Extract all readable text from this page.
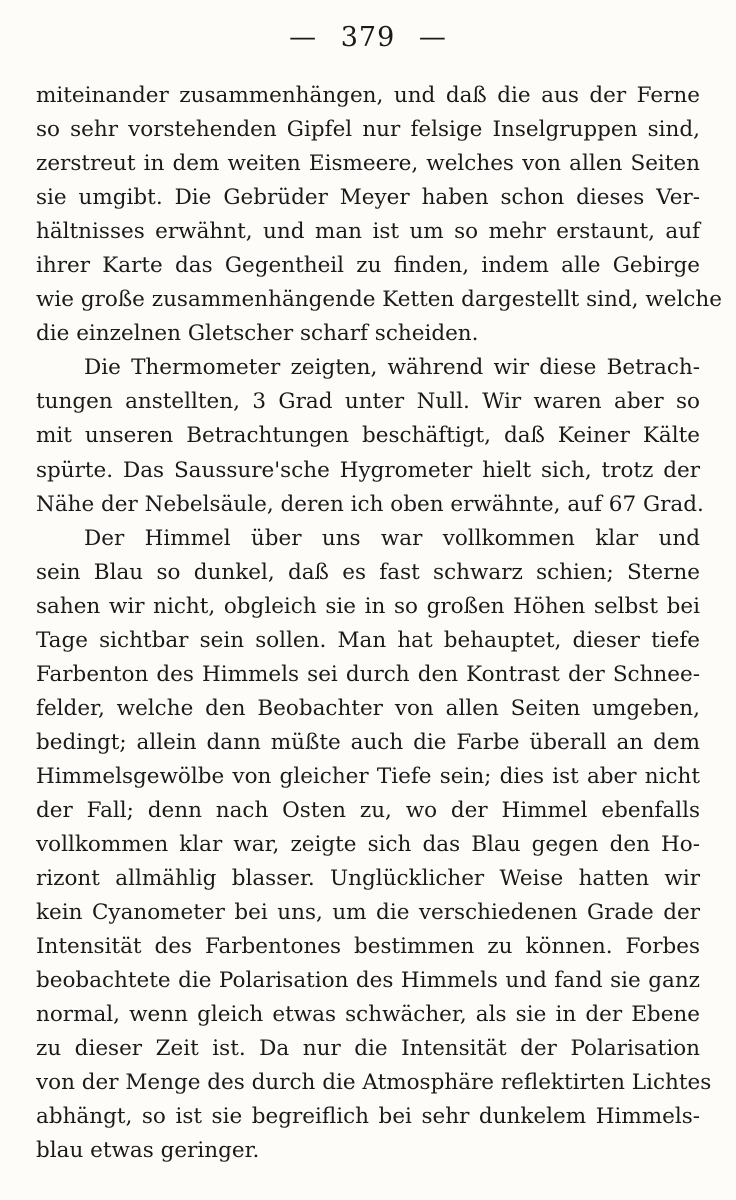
— 379 —
miteinander zusammenhängen, und daß die aus der Ferne
so sehr vorstehenden Gipfel nur felsige Inselgruppen sind,
zerstreut in dem weiten Eismeere, welches von allen Seiten
sie umgibt. Die Gebrüder Meyer haben schon dieses Ver-
hältnisses erwähnt, und man ist um so mehr erstaunt, auf
ihrer Karte das Gegentheil zu finden, indem alle Gebirge
wie große zusammenhängende Ketten dargestellt sind, welche
die einzelnen Gletscher scharf scheiden.
Die Thermometer zeigten, während wir diese Betrach-
tungen anstellten, 3 Grad unter Null. Wir waren aber so
mit unseren Betrachtungen beschäftigt, daß Keiner Kälte
spürte. Das Saussure'sche Hygrometer hielt sich, trotz der
Nähe der Nebelsäule, deren ich oben erwähnte, auf 67 Grad.
Der Himmel über uns war vollkommen klar und
sein Blau so dunkel, daß es fast schwarz schien; Sterne
sahen wir nicht, obgleich sie in so großen Höhen selbst bei
Tage sichtbar sein sollen. Man hat behauptet, dieser tiefe
Farbenton des Himmels sei durch den Kontrast der Schnee-
felder, welche den Beobachter von allen Seiten umgeben,
bedingt; allein dann müßte auch die Farbe überall an dem
Himmelsgewölbe von gleicher Tiefe sein; dies ist aber nicht
der Fall; denn nach Osten zu, wo der Himmel ebenfalls
vollkommen klar war, zeigte sich das Blau gegen den Ho-
rizont allmählig blasser. Unglücklicher Weise hatten wir
kein Cyanometer bei uns, um die verschiedenen Grade der
Intensität des Farbentones bestimmen zu können. Forbes
beobachtete die Polarisation des Himmels und fand sie ganz
normal, wenn gleich etwas schwächer, als sie in der Ebene
zu dieser Zeit ist. Da nur die Intensität der Polarisation
von der Menge des durch die Atmosphäre reflektirten Lichtes
abhängt, so ist sie begreiflich bei sehr dunkelem Himmels-
blau etwas geringer.
